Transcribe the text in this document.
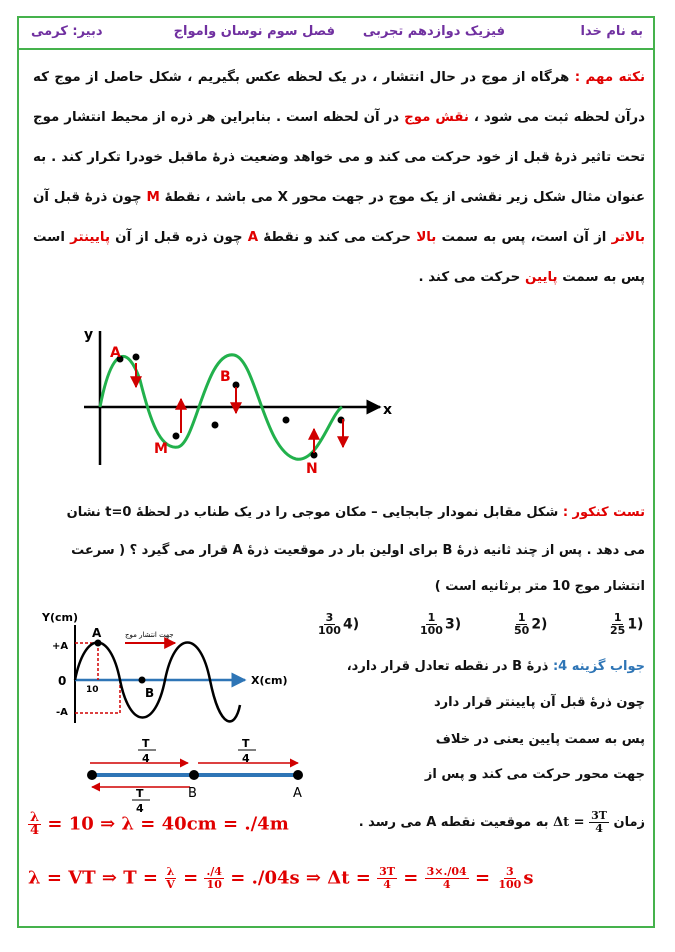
به نام خدا
فیزیک دوازدهم تجربی
فصل سوم نوسان وامواج
دبیر: کرمی
نکته مهم : هرگاه از موج در حال انتشار ، در یک لحظه عکس بگیریم ، شکل حاصل از موج که درآن لحظه ثبت می شود ، نقش موج در آن لحظه است . بنابراین هر ذره از محیط انتشار موج تحت تاثیر ذرهٔ قبل از خود حرکت می کند و می خواهد وضعیت ذرهٔ ماقبل خودرا تکرار کند . به عنوان مثال شکل زیر نقشی از یک موج در جهت محور X می باشد ، نقطهٔ M چون ذرهٔ قبل آن بالاتر از آن است، پس به سمت بالا حرکت می کند و نقطهٔ A چون ذره قبل از آن پایینتر است پس به سمت پایین حرکت می کند .
y
x
A
B
M
N
تست کنکور : شکل مقابل نمودار جابجایی – مکان موجی را در یک طناب در لحظهٔ t=0 نشان
می دهد . پس از چند ثانیه ذرهٔ B برای اولین بار در موقعیت ذرهٔ A قرار می گیرد ؟ ( سرعت
انتشار موج 10 متر برثانیه است )
$\frac{1}{25} 1$)
$\frac{1}{50} 2$)
$\frac{1}{100} 3$)
$\frac{3}{100} 4$)
Y(cm)
X(cm)
+A
0
-A
10
A
B
جهت انتشار موج
جواب گزینه 4: ذرهٔ B در نقطه تعادل قرار دارد،
چون ذرهٔ قبل آن پایینتر قرار دارد
پس به سمت پایین یعنی در خلاف
جهت محور حرکت می کند و پس از
زمان $\Delta t = \frac{3T}{4}$
به موقعیت نقطه A می رسد .
T
4
T
4
T
4
B	A
$\frac{\lambda}{4} = 10$ ⇒ λ = 40cm = ./4m
λ = VT ⇒ $T = \frac{\lambda}{V} = \frac{./4}{10} = ./04s$ ⇒ $\Delta t = \frac{3T}{4} = \frac{3\times./04}{4} = \frac{3}{100}$ s
